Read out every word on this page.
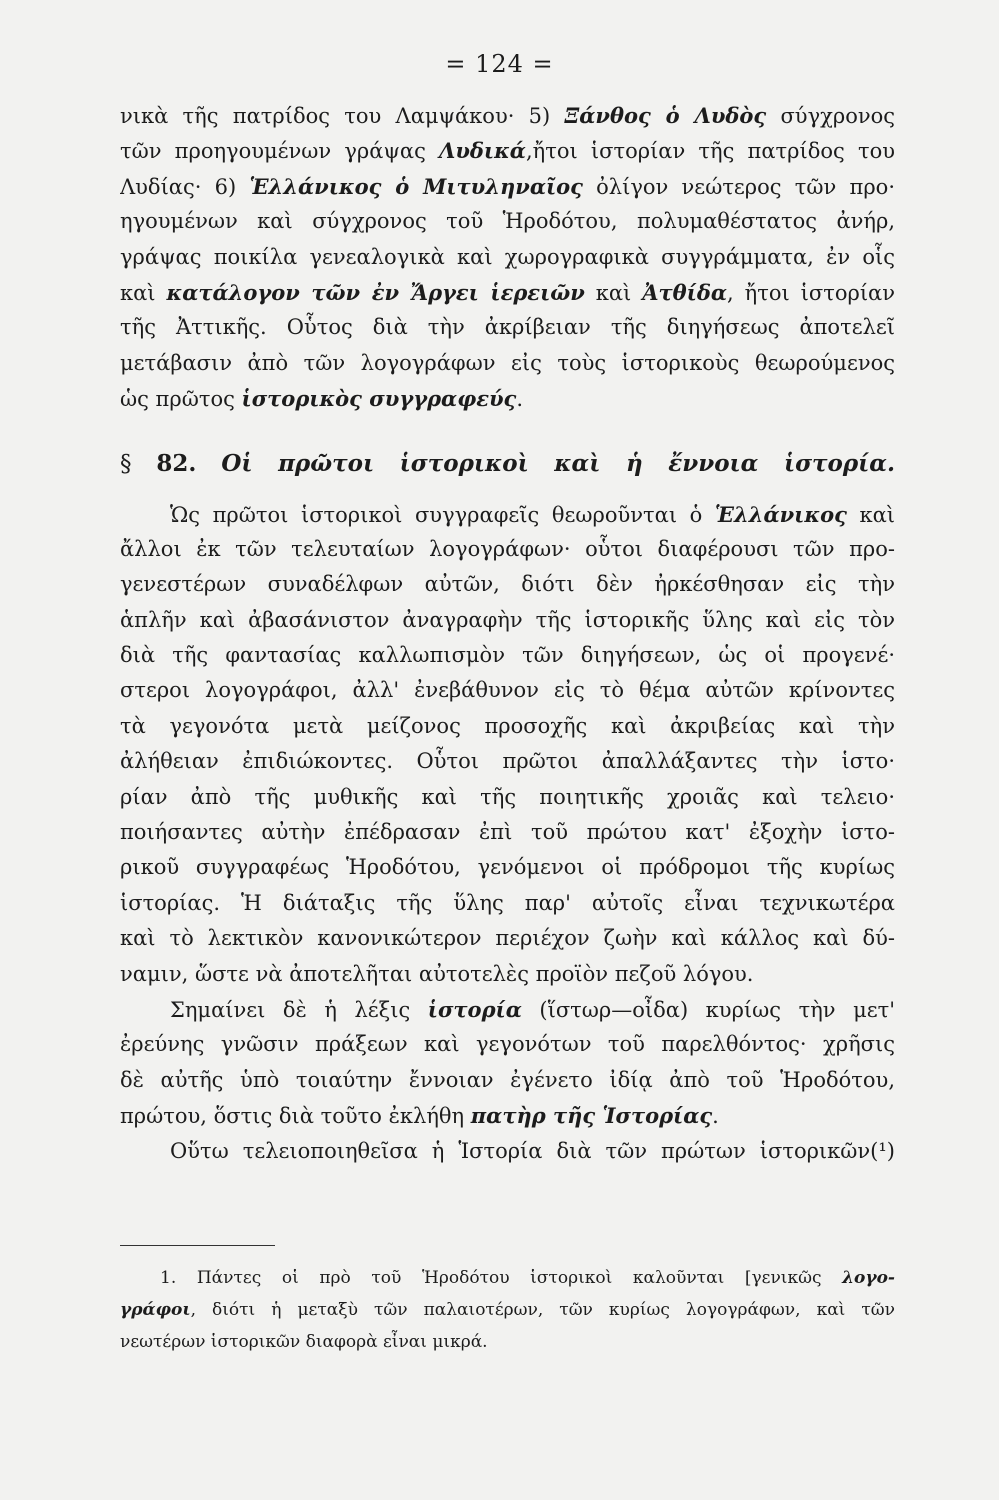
= 124 =
νικὰ τῆς πατρίδος του Λαμψάκου· 5) Ξάνθος ὁ Λυδὸς σύγχρονος
τῶν προηγουμένων γράψας Λυδικά,ἤτοι ἱστορίαν τῆς πατρίδος του
Λυδίας· 6) Ἑλλάνικος ὁ Μιτυληναῖος ὀλίγον νεώτερος τῶν προ·
ηγουμένων καὶ σύγχρονος τοῦ Ἡροδότου, πολυμαθέστατος ἀνήρ,
γράψας ποικίλα γενεαλογικὰ καὶ χωρογραφικὰ συγγράμματα, ἐν οἷς
καὶ κατάλογον τῶν ἐν Ἄργει ἱερειῶν καὶ Ἀτθίδα, ἤτοι ἱστορίαν
τῆς Ἀττικῆς. Οὗτος διὰ τὴν ἀκρίβειαν τῆς διηγήσεως ἀποτελεῖ
μετάβασιν ἀπὸ τῶν λογογράφων εἰς τοὺς ἱστορικοὺς θεωρούμενος
ὡς πρῶτος ἱστορικὸς συγγραφεύς.
§ 82. Οἱ πρῶτοι ἱστορικοὶ καὶ ἡ ἔννοια ἱστορία.
Ὡς πρῶτοι ἱστορικοὶ συγγραφεῖς θεωροῦνται ὁ Ἑλλάνικος καὶ
ἄλλοι ἐκ τῶν τελευταίων λογογράφων· οὗτοι διαφέρουσι τῶν προ-
γενεστέρων συναδέλφων αὐτῶν, διότι δὲν ἠρκέσθησαν εἰς τὴν
ἁπλῆν καὶ ἀβασάνιστον ἀναγραφὴν τῆς ἱστορικῆς ὕλης καὶ εἰς τὸν
διὰ τῆς φαντασίας καλλωπισμὸν τῶν διηγήσεων, ὡς οἱ προγενέ·
στεροι λογογράφοι, ἀλλ' ἐνεβάθυνον εἰς τὸ θέμα αὐτῶν κρίνοντες
τὰ γεγονότα μετὰ μείζονος προσοχῆς καὶ ἀκριβείας καὶ τὴν
ἀλήθειαν ἐπιδιώκοντες. Οὗτοι πρῶτοι ἀπαλλάξαντες τὴν ἱστο·
ρίαν ἀπὸ τῆς μυθικῆς καὶ τῆς ποιητικῆς χροιᾶς καὶ τελειο·
ποιήσαντες αὐτὴν ἐπέδρασαν ἐπὶ τοῦ πρώτου κατ' ἐξοχὴν ἱστο-
ρικοῦ συγγραφέως Ἡροδότου, γενόμενοι οἱ πρόδρομοι τῆς κυρίως
ἱστορίας. Ἡ διάταξις τῆς ὕλης παρ' αὐτοῖς εἶναι τεχνικωτέρα
καὶ τὸ λεκτικὸν κανονικώτερον περιέχον ζωὴν καὶ κάλλος καὶ δύ-
ναμιν, ὥστε νὰ ἀποτελῆται αὐτοτελὲς προϊὸν πεζοῦ λόγου.
Σημαίνει δὲ ἡ λέξις ἱστορία (ἵστωρ—οἶδα) κυρίως τὴν μετ'
ἐρεύνης γνῶσιν πράξεων καὶ γεγονότων τοῦ παρελθόντος· χρῆσις
δὲ αὐτῆς ὑπὸ τοιαύτην ἔννοιαν ἐγένετο ἰδίᾳ ἀπὸ τοῦ Ἡροδότου,
πρώτου, ὅστις διὰ τοῦτο ἐκλήθη πατὴρ τῆς Ἱστορίας.
Οὕτω τελειοποιηθεῖσα ἡ Ἱστορία διὰ τῶν πρώτων ἱστορικῶν(¹)
1. Πάντες οἱ πρὸ τοῦ Ἡροδότου ἱστορικοὶ καλοῦνται [γενικῶς λογο-
γράφοι, διότι ἡ μεταξὺ τῶν παλαιοτέρων, τῶν κυρίως λογογράφων, καὶ τῶν
νεωτέρων ἱστορικῶν διαφορὰ εἶναι μικρά.
